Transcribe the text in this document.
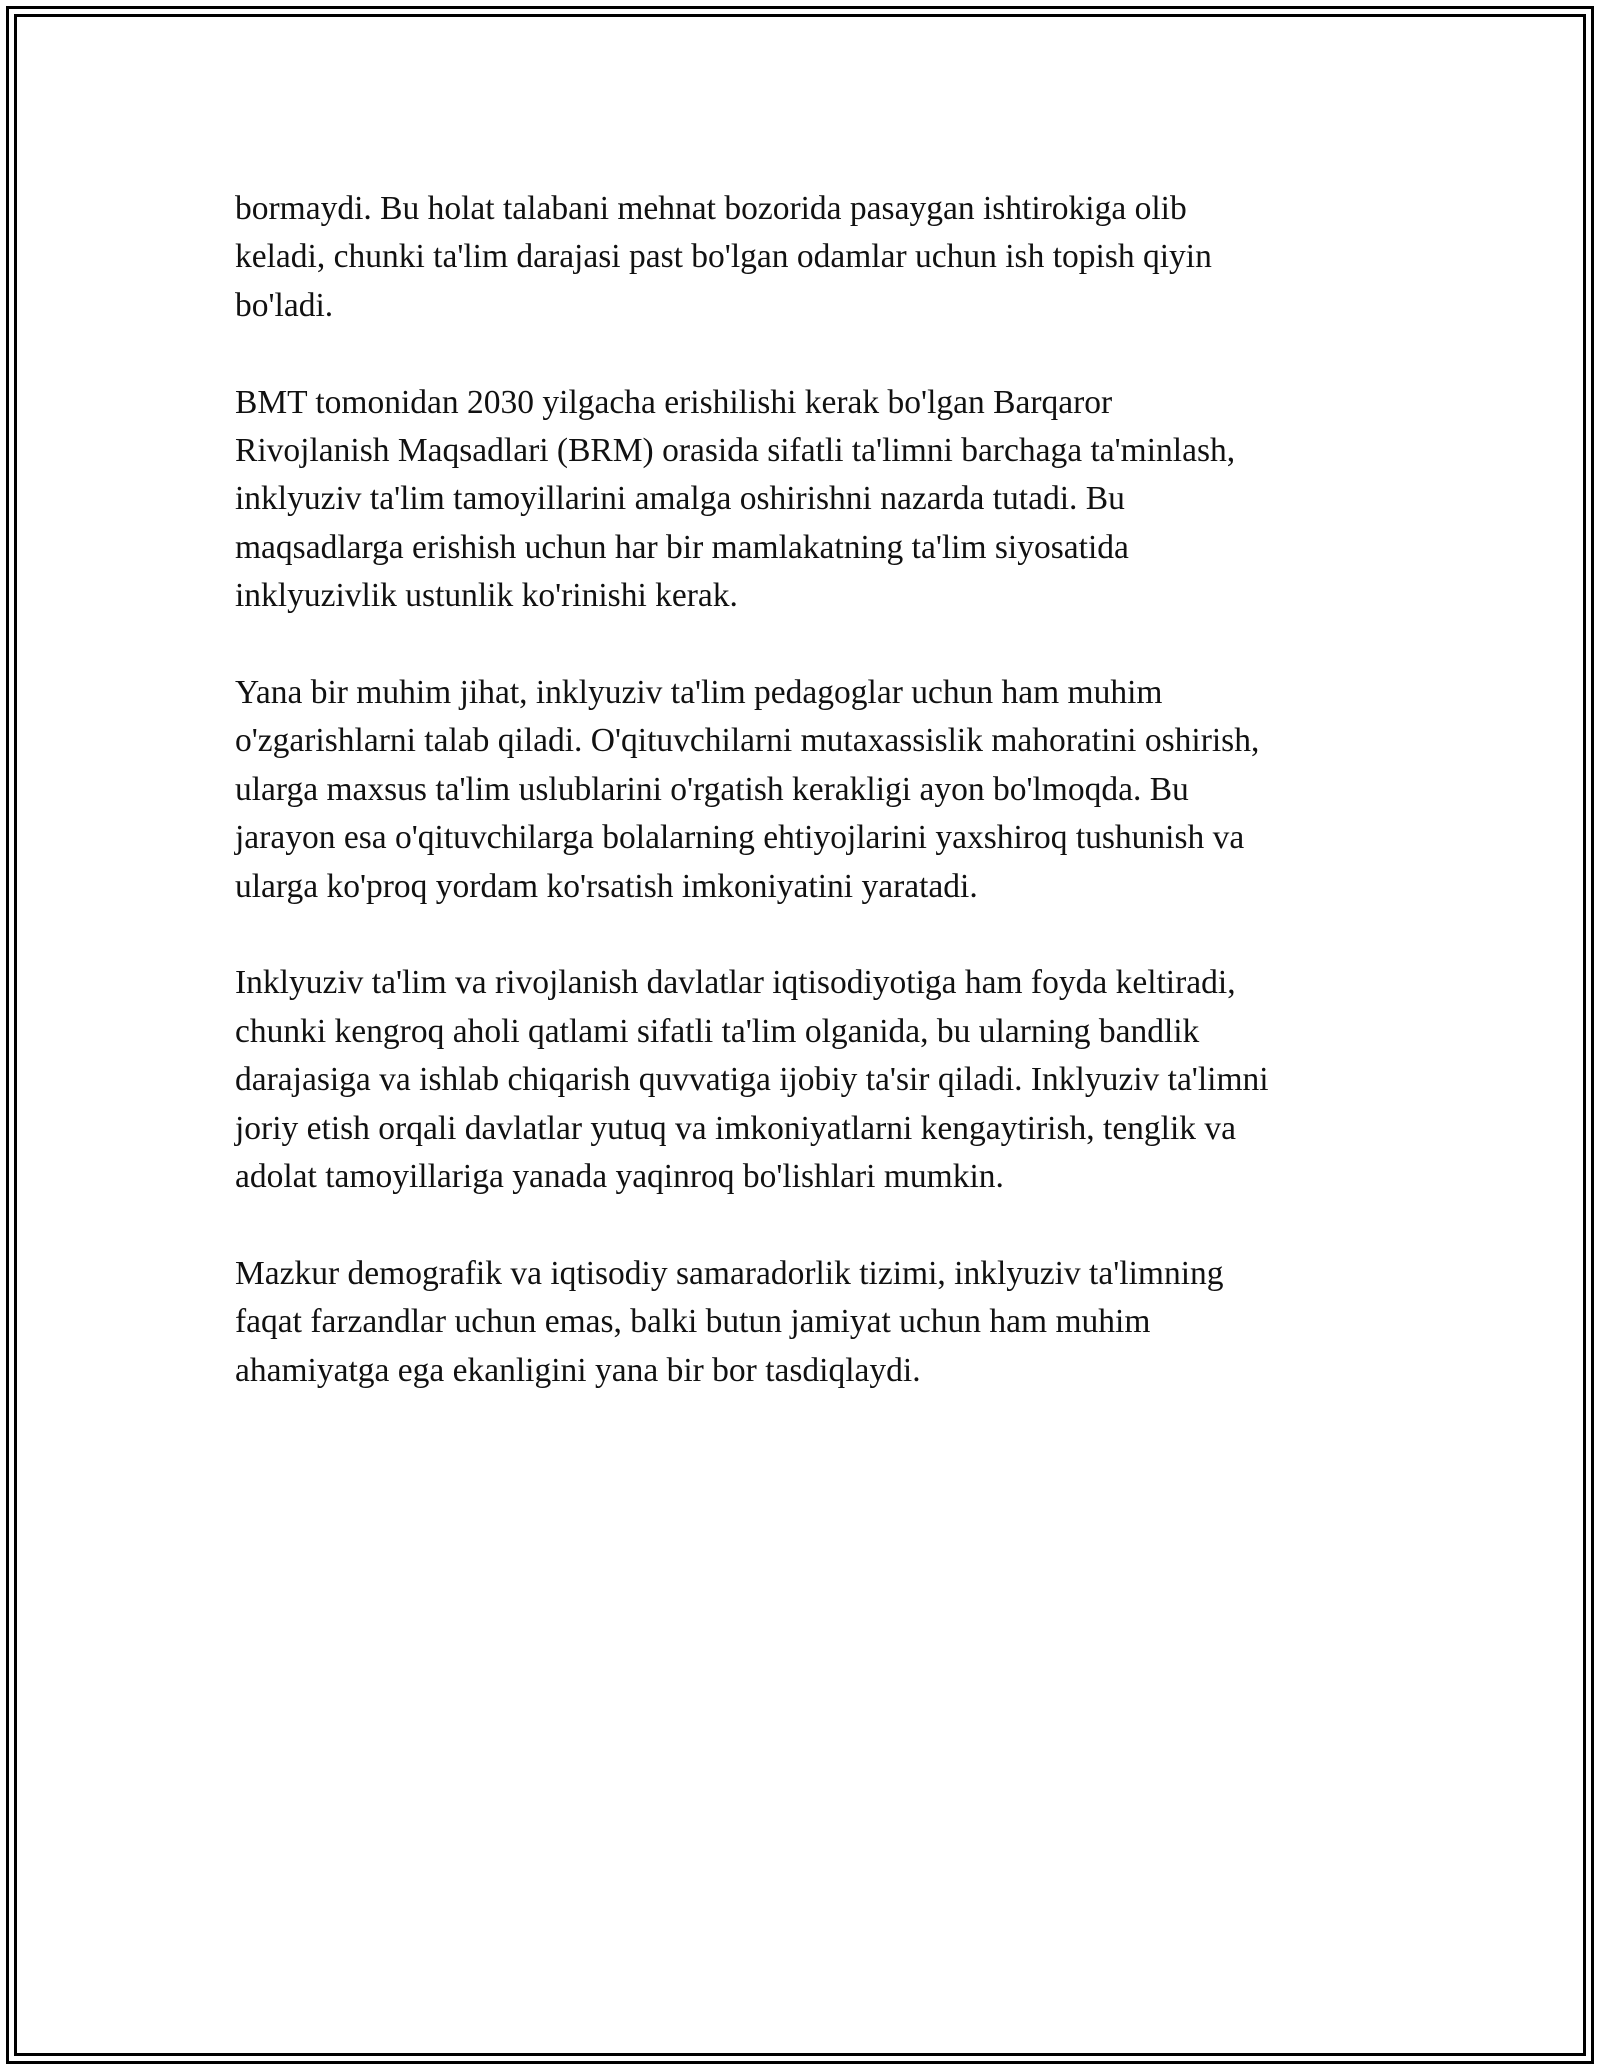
bormaydi. Bu holat talabani mehnat bozorida pasaygan ishtirokiga olib
keladi, chunki ta'lim darajasi past bo'lgan odamlar uchun ish topish qiyin
bo'ladi.

BMT tomonidan 2030 yilgacha erishilishi kerak bo'lgan Barqaror
Rivojlanish Maqsadlari (BRM) orasida sifatli ta'limni barchaga ta'minlash,
inklyuziv ta'lim tamoyillarini amalga oshirishni nazarda tutadi. Bu
maqsadlarga erishish uchun har bir mamlakatning ta'lim siyosatida
inklyuzivlik ustunlik ko'rinishi kerak.

Yana bir muhim jihat, inklyuziv ta'lim pedagoglar uchun ham muhim
o'zgarishlarni talab qiladi. O'qituvchilarni mutaxassislik mahoratini oshirish,
ularga maxsus ta'lim uslublarini o'rgatish kerakligi ayon bo'lmoqda. Bu
jarayon esa o'qituvchilarga bolalarning ehtiyojlarini yaxshiroq tushunish va
ularga ko'proq yordam ko'rsatish imkoniyatini yaratadi.

Inklyuziv ta'lim va rivojlanish davlatlar iqtisodiyotiga ham foyda keltiradi,
chunki kengroq aholi qatlami sifatli ta'lim olganida, bu ularning bandlik
darajasiga va ishlab chiqarish quvvatiga ijobiy ta'sir qiladi. Inklyuziv ta'limni
joriy etish orqali davlatlar yutuq va imkoniyatlarni kengaytirish, tenglik va
adolat tamoyillariga yanada yaqinroq bo'lishlari mumkin.

Mazkur demografik va iqtisodiy samaradorlik tizimi, inklyuziv ta'limning
faqat farzandlar uchun emas, balki butun jamiyat uchun ham muhim
ahamiyatga ega ekanligini yana bir bor tasdiqlaydi.
